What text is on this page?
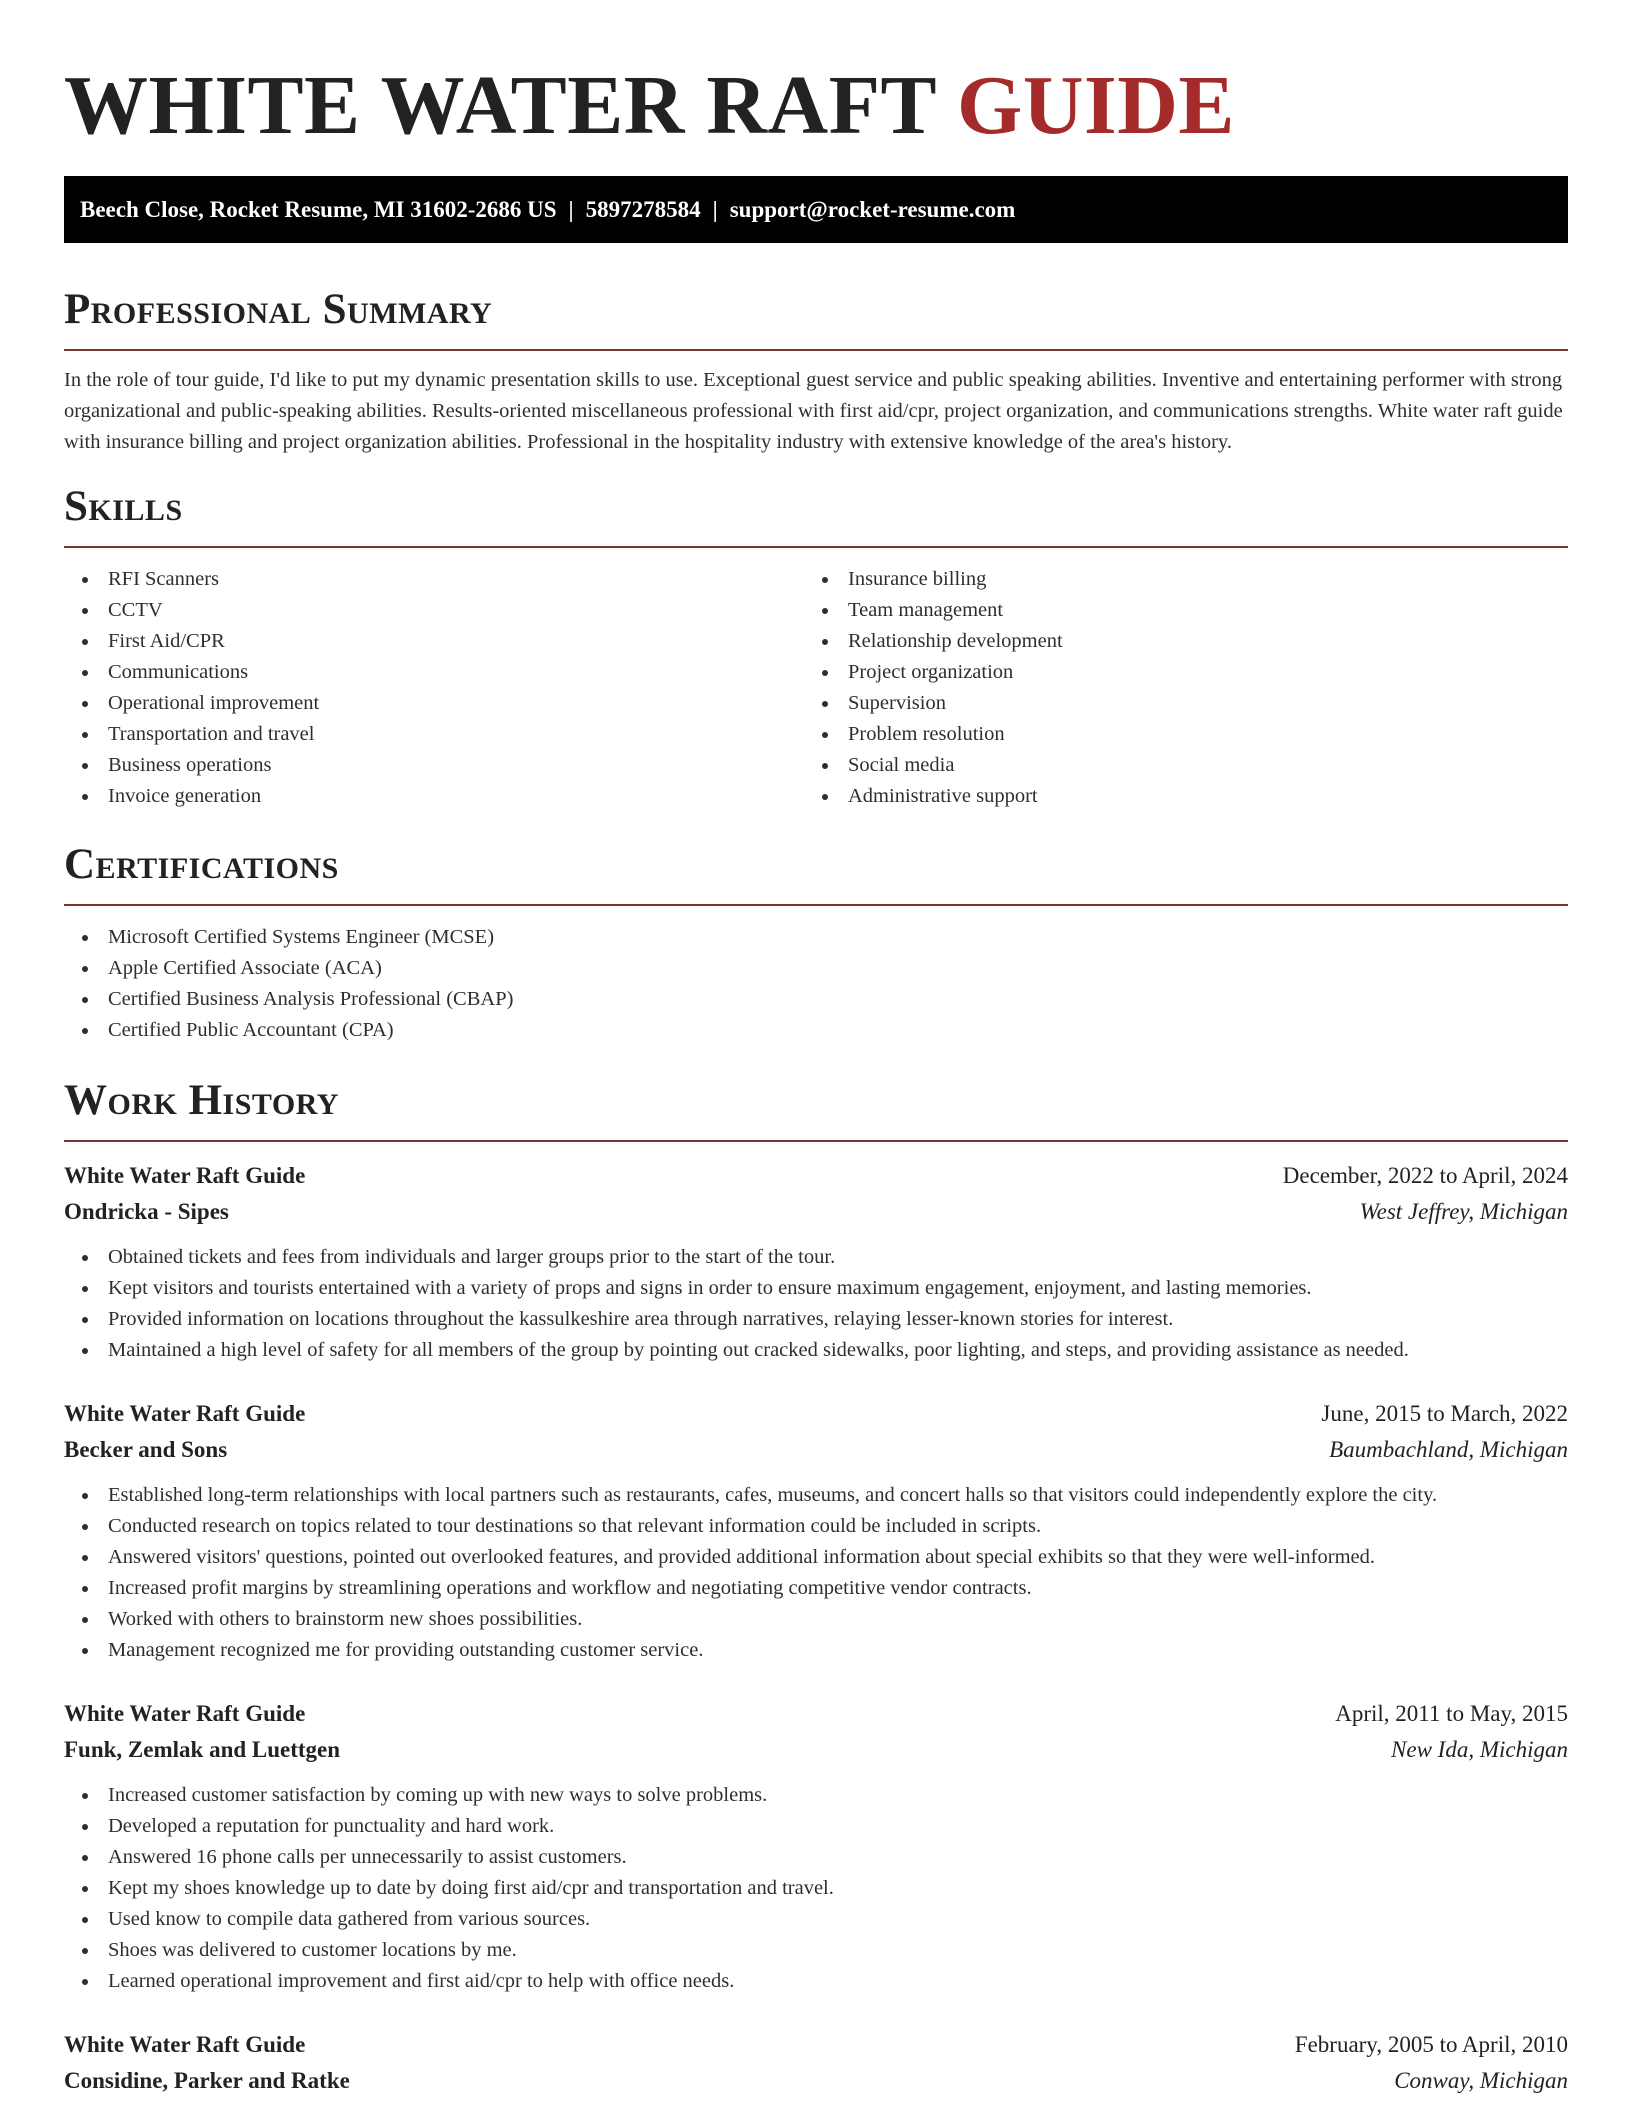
WHITE WATER RAFT GUIDE
Beech Close, Rocket Resume, MI 31602-2686 US | 5897278584 | support@rocket-resume.com
Professional Summary

In the role of tour guide, I'd like to put my dynamic presentation skills to use. Exceptional guest service and public speaking abilities. Inventive and entertaining performer with strong organizational and public-speaking abilities. Results-oriented miscellaneous professional with first aid/cpr, project organization, and communications strengths. White water raft guide with insurance billing and project organization abilities. Professional in the hospitality industry with extensive knowledge of the area's history.

Skills
RFI Scanners
CCTV
First Aid/CPR
Communications
Operational improvement
Transportation and travel
Business operations
Invoice generation
Insurance billing
Team management
Relationship development
Project organization
Supervision
Problem resolution
Social media
Administrative support
Certifications
Microsoft Certified Systems Engineer (MCSE)
Apple Certified Associate (ACA)
Certified Business Analysis Professional (CBAP)
Certified Public Accountant (CPA)
Work History
White Water Raft Guide	December, 2022 to April, 2024
Ondricka - Sipes	West Jeffrey, Michigan
Obtained tickets and fees from individuals and larger groups prior to the start of the tour.
Kept visitors and tourists entertained with a variety of props and signs in order to ensure maximum engagement, enjoyment, and lasting memories.
Provided information on locations throughout the kassulkeshire area through narratives, relaying lesser-known stories for interest.
Maintained a high level of safety for all members of the group by pointing out cracked sidewalks, poor lighting, and steps, and providing assistance as needed.
White Water Raft Guide	June, 2015 to March, 2022
Becker and Sons	Baumbachland, Michigan
Established long-term relationships with local partners such as restaurants, cafes, museums, and concert halls so that visitors could independently explore the city.
Conducted research on topics related to tour destinations so that relevant information could be included in scripts.
Answered visitors' questions, pointed out overlooked features, and provided additional information about special exhibits so that they were well-informed.
Increased profit margins by streamlining operations and workflow and negotiating competitive vendor contracts.
Worked with others to brainstorm new shoes possibilities.
Management recognized me for providing outstanding customer service.
White Water Raft Guide	April, 2011 to May, 2015
Funk, Zemlak and Luettgen	New Ida, Michigan
Increased customer satisfaction by coming up with new ways to solve problems.
Developed a reputation for punctuality and hard work.
Answered 16 phone calls per unnecessarily to assist customers.
Kept my shoes knowledge up to date by doing first aid/cpr and transportation and travel.
Used know to compile data gathered from various sources.
Shoes was delivered to customer locations by me.
Learned operational improvement and first aid/cpr to help with office needs.
White Water Raft Guide	February, 2005 to April, 2010
Considine, Parker and Ratke	Conway, Michigan
